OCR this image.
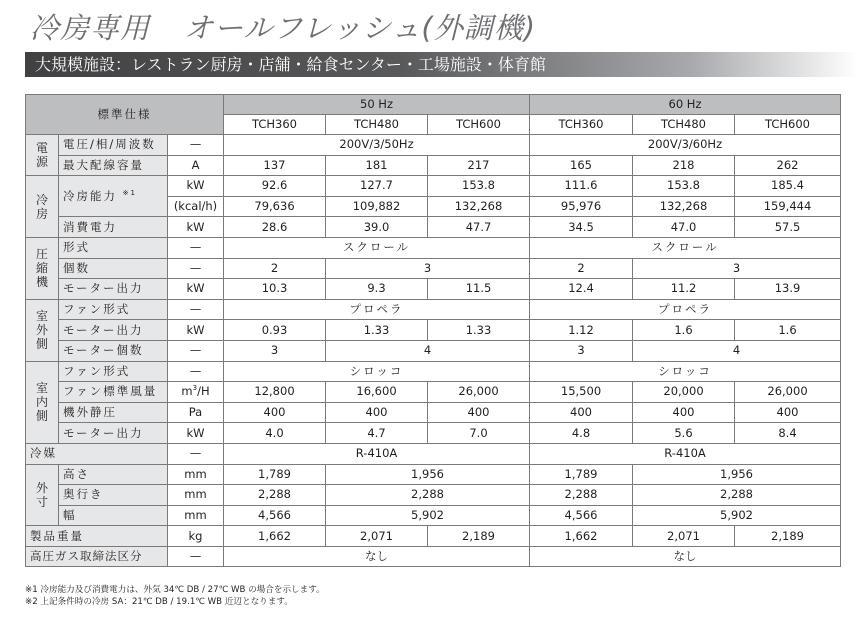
冷房専用 オールフレッシュ(外調機)
大規模施設：レストラン厨房・店舗・給食センター・工場施設・体育館
標準仕様			50 Hz			60 Hz		
			TCH360	TCH480	TCH600	TCH360	TCH480	TCH600
電
源	電圧/相/周波数	—	200V/3/50Hz			200V/3/60Hz		
	最大配線容量	A	137	181	217	165	218	262
冷
房	冷房能力 $^{※1}$	kW	92.6	127.7	153.8	111.6	153.8	185.4
		(kcal/h)	79,636	109,882	132,268	95,976	132,268	159,444
	消費電力	kW	28.6	39.0	47.7	34.5	47.0	57.5
圧
縮
機	形式	—	スクロール			スクロール		
	個数	—	2	3		2	3	
	モーター出力	kW	10.3	9.3	11.5	12.4	11.2	13.9
室
外
側	ファン形式	—	プロペラ			プロペラ		
	モーター出力	kW	0.93	1.33	1.33	1.12	1.6	1.6
	モーター個数	—	3	4		3	4	
室
内
側	ファン形式	—	シロッコ			シロッコ		
	ファン標準風量	$m^3/H$	12,800	16,600	26,000	15,500	20,000	26,000
	機外静圧	Pa	400	400	400	400	400	400
	モーター出力	kW	4.0	4.7	7.0	4.8	5.6	8.4
冷媒		—	R-410A			R-410A		
外
寸	高さ	mm	1,789	1,956		1,789	1,956	
	奥行き	mm	2,288	2,288		2,288	2,288	
	幅	mm	4,566	5,902		4,566	5,902	
製品重量		kg	1,662	2,071	2,189	1,662	2,071	2,189
高圧ガス取締法区分		—	なし			なし		
※1 冷房能力及び消費電力は、外気 34℃ DB / 27℃ WB の場合を示します。
※2 上記条件時の冷房 SA：21℃ DB / 19.1℃ WB 近辺となります。
